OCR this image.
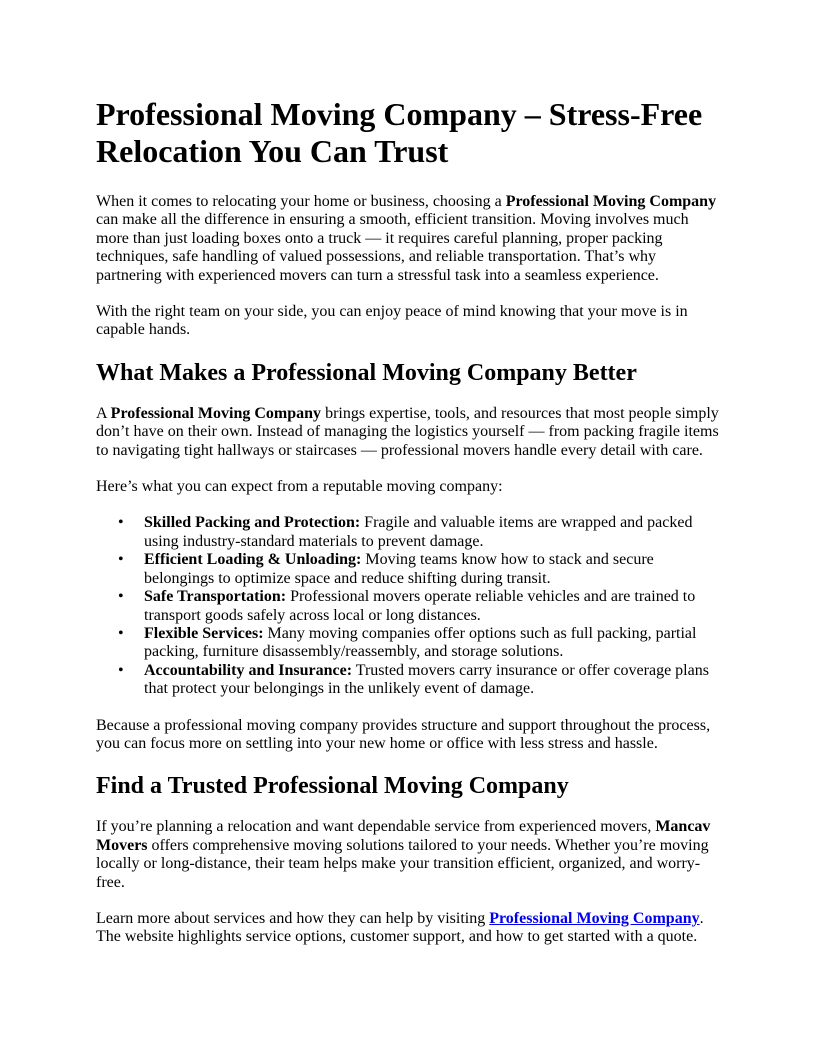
Professional Moving Company – Stress-Free Relocation You Can Trust

When it comes to relocating your home or business, choosing a Professional Moving Company can make all the difference in ensuring a smooth, efficient transition. Moving involves much more than just loading boxes onto a truck — it requires careful planning, proper packing techniques, safe handling of valued possessions, and reliable transportation. That’s why partnering with experienced movers can turn a stressful task into a seamless experience.

With the right team on your side, you can enjoy peace of mind knowing that your move is in capable hands.

What Makes a Professional Moving Company Better

A Professional Moving Company brings expertise, tools, and resources that most people simply don’t have on their own. Instead of managing the logistics yourself — from packing fragile items to navigating tight hallways or staircases — professional movers handle every detail with care.

Here’s what you can expect from a reputable moving company:

• Skilled Packing and Protection: Fragile and valuable items are wrapped and packed using industry-standard materials to prevent damage.
• Efficient Loading & Unloading: Moving teams know how to stack and secure belongings to optimize space and reduce shifting during transit.
• Safe Transportation: Professional movers operate reliable vehicles and are trained to transport goods safely across local or long distances.
• Flexible Services: Many moving companies offer options such as full packing, partial packing, furniture disassembly/reassembly, and storage solutions.
• Accountability and Insurance: Trusted movers carry insurance or offer coverage plans that protect your belongings in the unlikely event of damage.

Because a professional moving company provides structure and support throughout the process, you can focus more on settling into your new home or office with less stress and hassle.

Find a Trusted Professional Moving Company

If you’re planning a relocation and want dependable service from experienced movers, Mancav Movers offers comprehensive moving solutions tailored to your needs. Whether you’re moving locally or long-distance, their team helps make your transition efficient, organized, and worry-free.

Learn more about services and how they can help by visiting Professional Moving Company. The website highlights service options, customer support, and how to get started with a quote.
